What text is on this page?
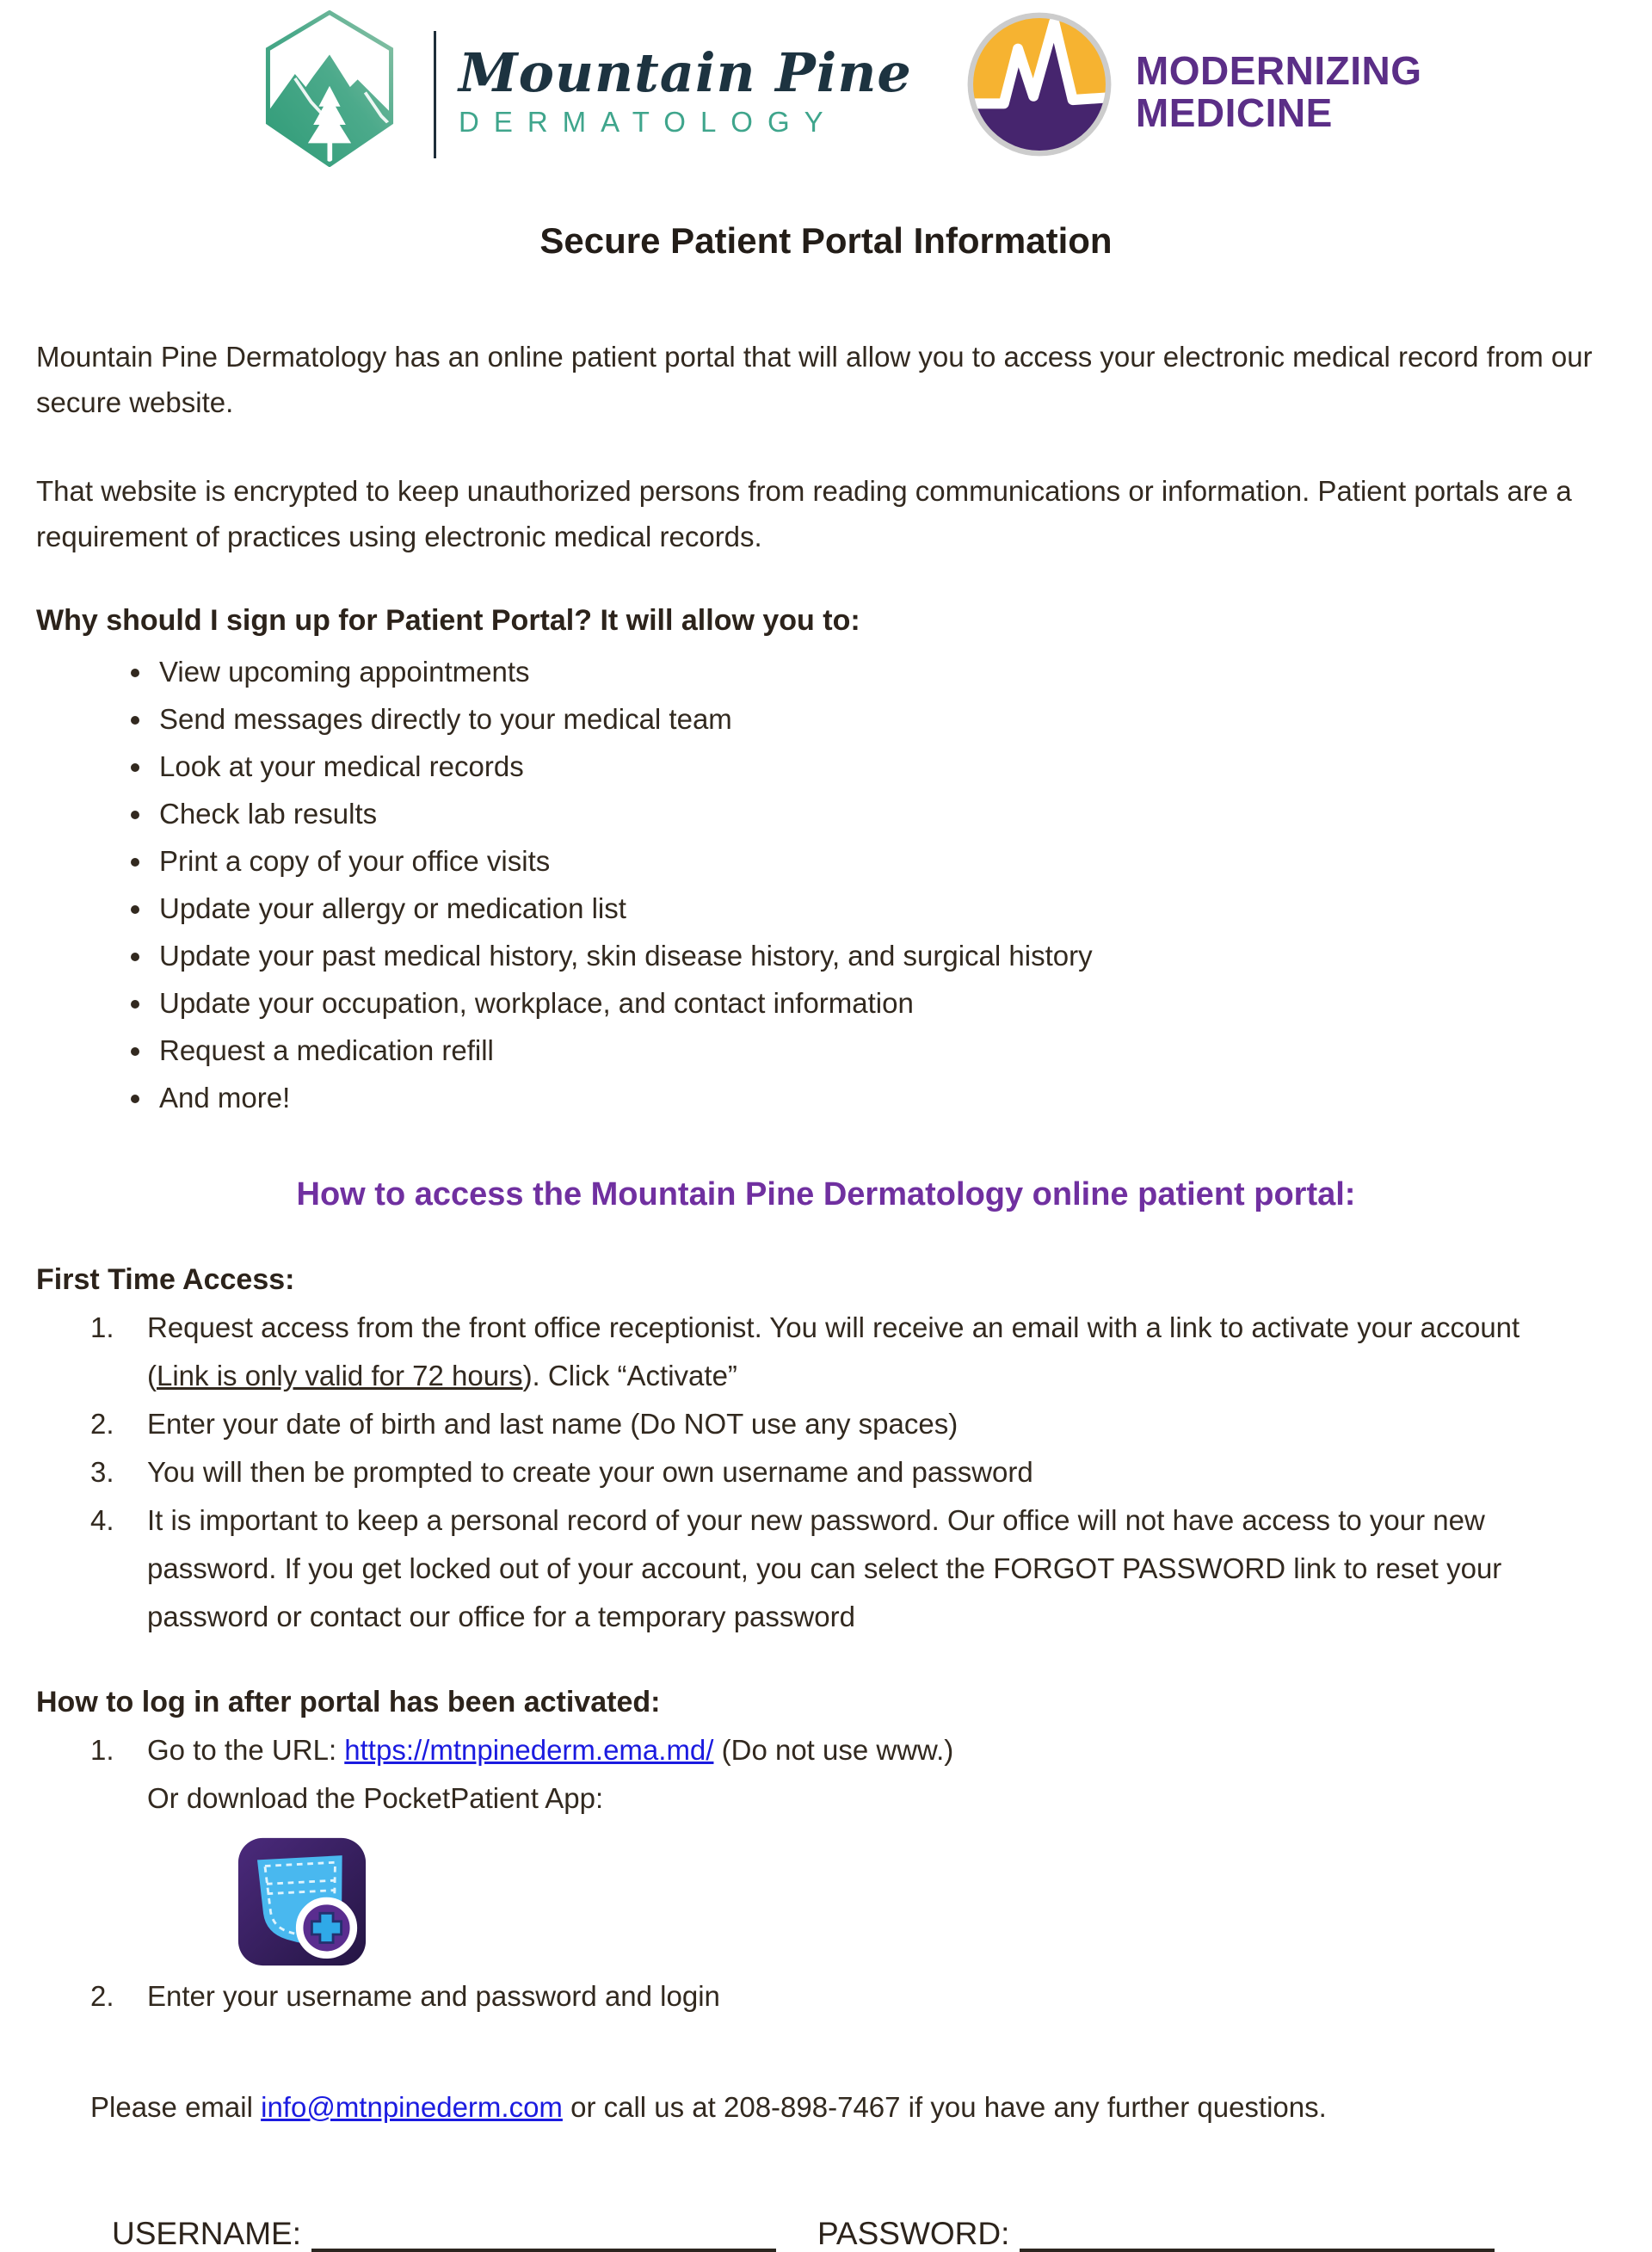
Mountain Pine
DERMATOLOGY
MODERNIZING
MEDICINE
Secure Patient Portal Information

Mountain Pine Dermatology has an online patient portal that will allow you to access your electronic medical record from our secure website.

That website is encrypted to keep unauthorized persons from reading communications or information. Patient portals are a requirement of practices using electronic medical records.

Why should I sign up for Patient Portal? It will allow you to:
• View upcoming appointments
• Send messages directly to your medical team
• Look at your medical records
• Check lab results
• Print a copy of your office visits
• Update your allergy or medication list
• Update your past medical history, skin disease history, and surgical history
• Update your occupation, workplace, and contact information
• Request a medication refill
• And more!
How to access the Mountain Pine Dermatology online patient portal:
First Time Access:
1.	Request access from the front office receptionist. You will receive an email with a link to activate your account (Link is only valid for 72 hours). Click “Activate”
2.	Enter your date of birth and last name (Do NOT use any spaces)
3.	You will then be prompted to create your own username and password
4.	It is important to keep a personal record of your new password. Our office will not have access to your new password. If you get locked out of your account, you can select the FORGOT PASSWORD link to reset your password or contact our office for a temporary password
How to log in after portal has been activated:
1.	Go to the URL: https://mtnpinederm.ema.md/ (Do not use www.)
Or download the PocketPatient App:
2.	Enter your username and password and login

Please email info@mtnpinederm.com or call us at 208-898-7467 if you have any further questions.

USERNAME:	PASSWORD:
